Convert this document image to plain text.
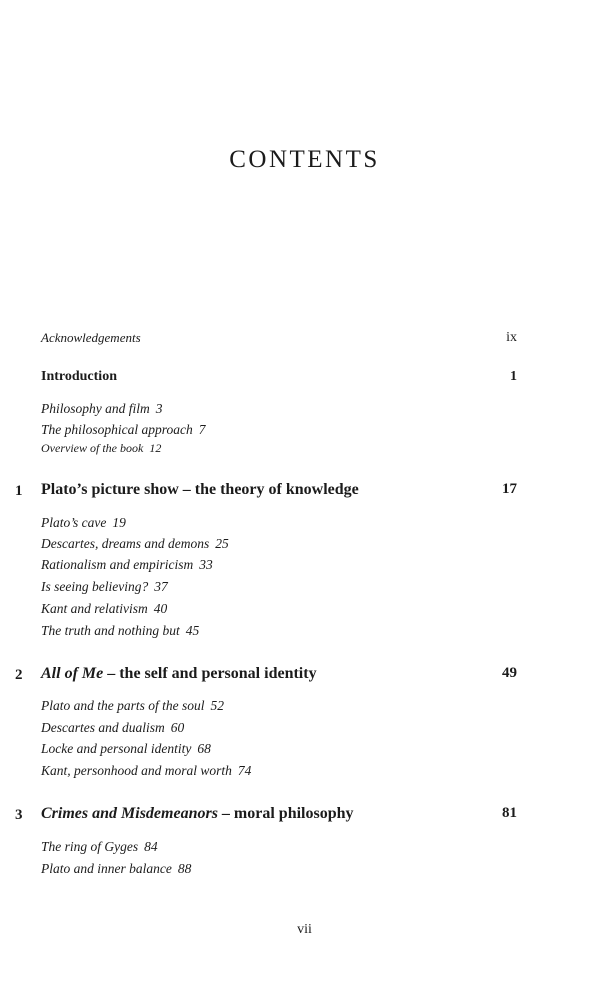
CONTENTS
Acknowledgements	ix
Introduction	1
Philosophy and film 3
The philosophical approach 7
Overview of the book 12
1 Plato’s picture show – the theory of knowledge	17
Plato’s cave 19
Descartes, dreams and demons 25
Rationalism and empiricism 33
Is seeing believing? 37
Kant and relativism 40
The truth and nothing but 45
2 All of Me – the self and personal identity	49
Plato and the parts of the soul 52
Descartes and dualism 60
Locke and personal identity 68
Kant, personhood and moral worth 74
3 Crimes and Misdemeanors – moral philosophy	81
The ring of Gyges 84
Plato and inner balance 88
vii
